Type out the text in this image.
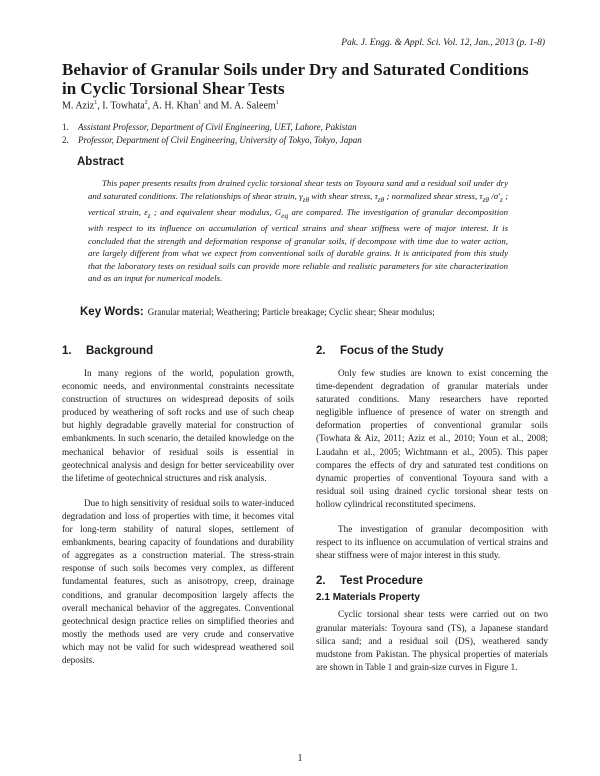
Pak. J. Engg. & Appl. Sci. Vol. 12, Jan., 2013 (p. 1-8)
Behavior of Granular Soils under Dry and Saturated Conditions in Cyclic Torsional Shear Tests
M. Aziz$^1$, I. Towhata$^2$, A. H. Khan$^1$ and M. A. Saleem$^1$
1. Assistant Professor, Department of Civil Engineering, UET, Lahore, Pakistan
2. Professor, Department of Civil Engineering, University of Tokyo, Tokyo, Japan
Abstract

This paper presents results from drained cyclic torsional shear tests on Toyoura sand and a residual soil under dry and saturated conditions. The relationships of shear strain, $\gamma_{z\theta}$ with shear stress, $\tau_{z\theta}$ ; normalized shear stress, $\tau_{z\theta}$ $/\sigma'_z$ ; vertical strain, $\varepsilon_z$ ; and equivalent shear modulus, $G_{eq}$ are compared. The investigation of granular decomposition with respect to its influence on accumulation of vertical strains and shear stiffness were of major interest. It is concluded that the strength and deformation response of granular soils, if decompose with time due to water action, are largely different from what we expect from conventional soils of durable grains. It is anticipated from this study that the laboratory tests on residual soils can provide more reliable and realistic parameters for site characterization and as an input for numerical models.

Key Words: Granular material; Weathering; Particle breakage; Cyclic shear; Shear modulus;
1. Background

In many regions of the world, population growth, economic needs, and environmental constraints necessitate construction of structures on widespread deposits of soils produced by weathering of soft rocks and use of such cheap but highly degradable gravelly material for construction of embankments. In such scenario, the detailed knowledge on the mechanical behavior of residual soils is essential in geotechnical analysis and design for better serviceability over the lifetime of geotechnical structures and risk analysis.

Due to high sensitivity of residual soils to water-induced degradation and loss of properties with time, it becomes vital for long-term stability of natural slopes, settlement of embankments, bearing capacity of foundations and durability of aggregates as a construction material. The stress-strain response of such soils becomes very complex, as different fundamental features, such as anisotropy, creep, drainage conditions, and granular decomposition largely affects the overall mechanical behavior of the aggregates. Conventional geotechnical design practice relies on simplified theories and mostly the methods used are very crude and conservative which may not be valid for such widespread weathered soil deposits.

2. Focus of the Study

Only few studies are known to exist concerning the time-dependent degradation of granular materials under saturated conditions. Many researchers have reported negligible influence of presence of water on strength and deformation properties of conventional granular soils (Towhata & Aiz, 2011; Aziz et al., 2010; Youn et al., 2008; Laudahn et al., 2005; Wichtmann et al., 2005). This paper compares the effects of dry and saturated test conditions on dynamic properties of conventional Toyoura sand with a residual soil using drained cyclic torsional shear tests on hollow cylindrical reconstituted specimens.

The investigation of granular decomposition with respect to its influence on accumulation of vertical strains and shear stiffness were of major interest in this study.

2. Test Procedure
2.1 Materials Property

Cyclic torsional shear tests were carried out on two granular materials: Toyoura sand (TS), a Japanese standard silica sand; and a residual soil (DS), weathered sandy mudstone from Pakistan. The physical properties of materials are shown in Table 1 and grain-size curves in Figure 1.

1
